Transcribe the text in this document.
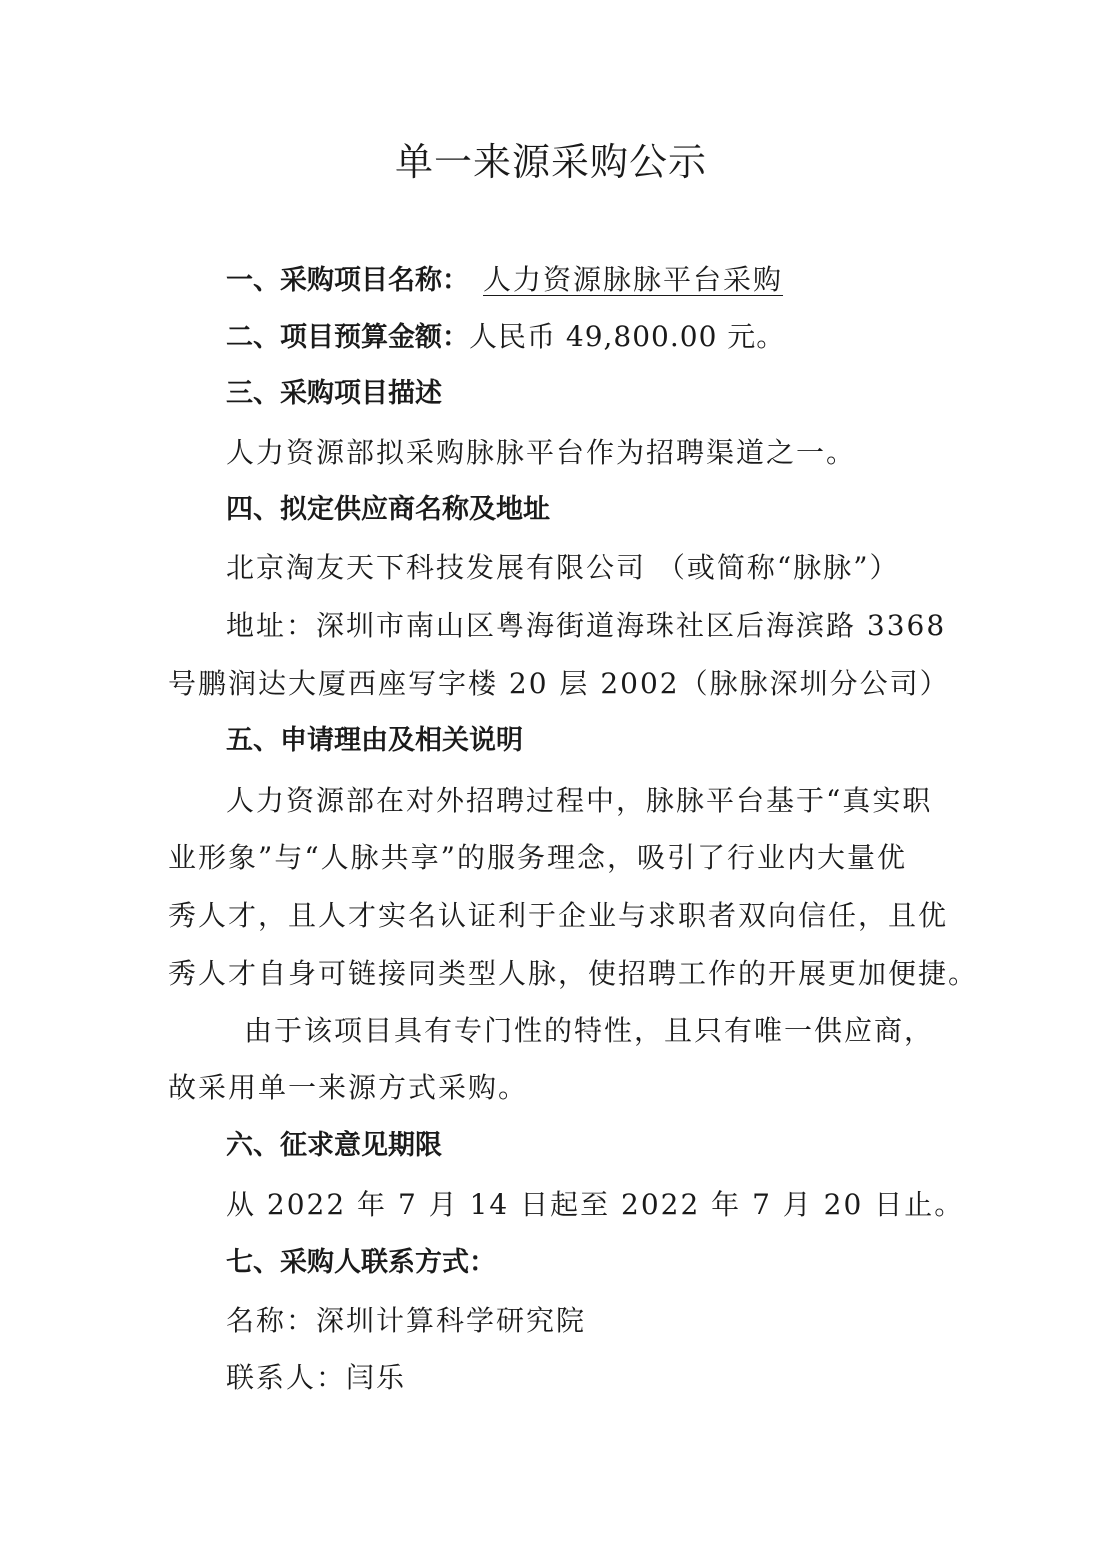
单一来源采购公示
一、采购项目名称： 人力资源脉脉平台采购
二、项目预算金额：人民币 49,800.00 元。
三、采购项目描述
人力资源部拟采购脉脉平台作为招聘渠道之一。
四、拟定供应商名称及地址
北京淘友天下科技发展有限公司 （或简称“脉脉”）
地址：深圳市南山区粤海街道海珠社区后海滨路 3368
号鹏润达大厦西座写字楼 20 层 2002（脉脉深圳分公司）
五、申请理由及相关说明
人力资源部在对外招聘过程中，脉脉平台基于“真实职
业形象”与“人脉共享”的服务理念，吸引了行业内大量优
秀人才，且人才实名认证利于企业与求职者双向信任，且优
秀人才自身可链接同类型人脉，使招聘工作的开展更加便捷。
由于该项目具有专门性的特性，且只有唯一供应商，
故采用单一来源方式采购。
六、征求意见期限
从 2022 年 7 月 14 日起至 2022 年 7 月 20 日止。
七、采购人联系方式：
名称：深圳计算科学研究院
联系人：闫乐
